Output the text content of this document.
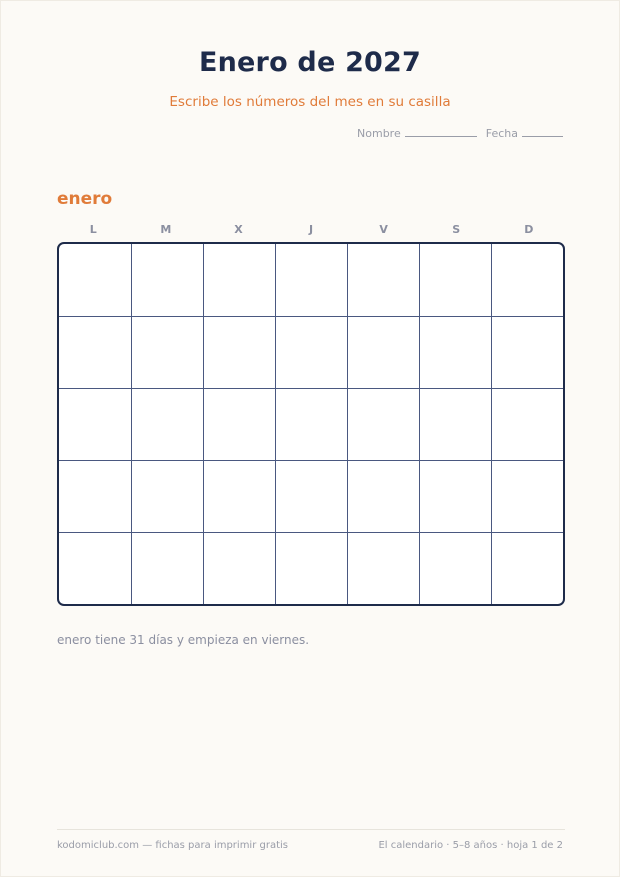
Enero de 2027
Escribe los números del mes en su casilla
Nombre	Fecha
enero
L	M	X	J	V	S	D
enero tiene 31 días y empieza en viernes.
kodomiclub.com — fichas para imprimir gratis	El calendario · 5–8 años · hoja 1 de 2
